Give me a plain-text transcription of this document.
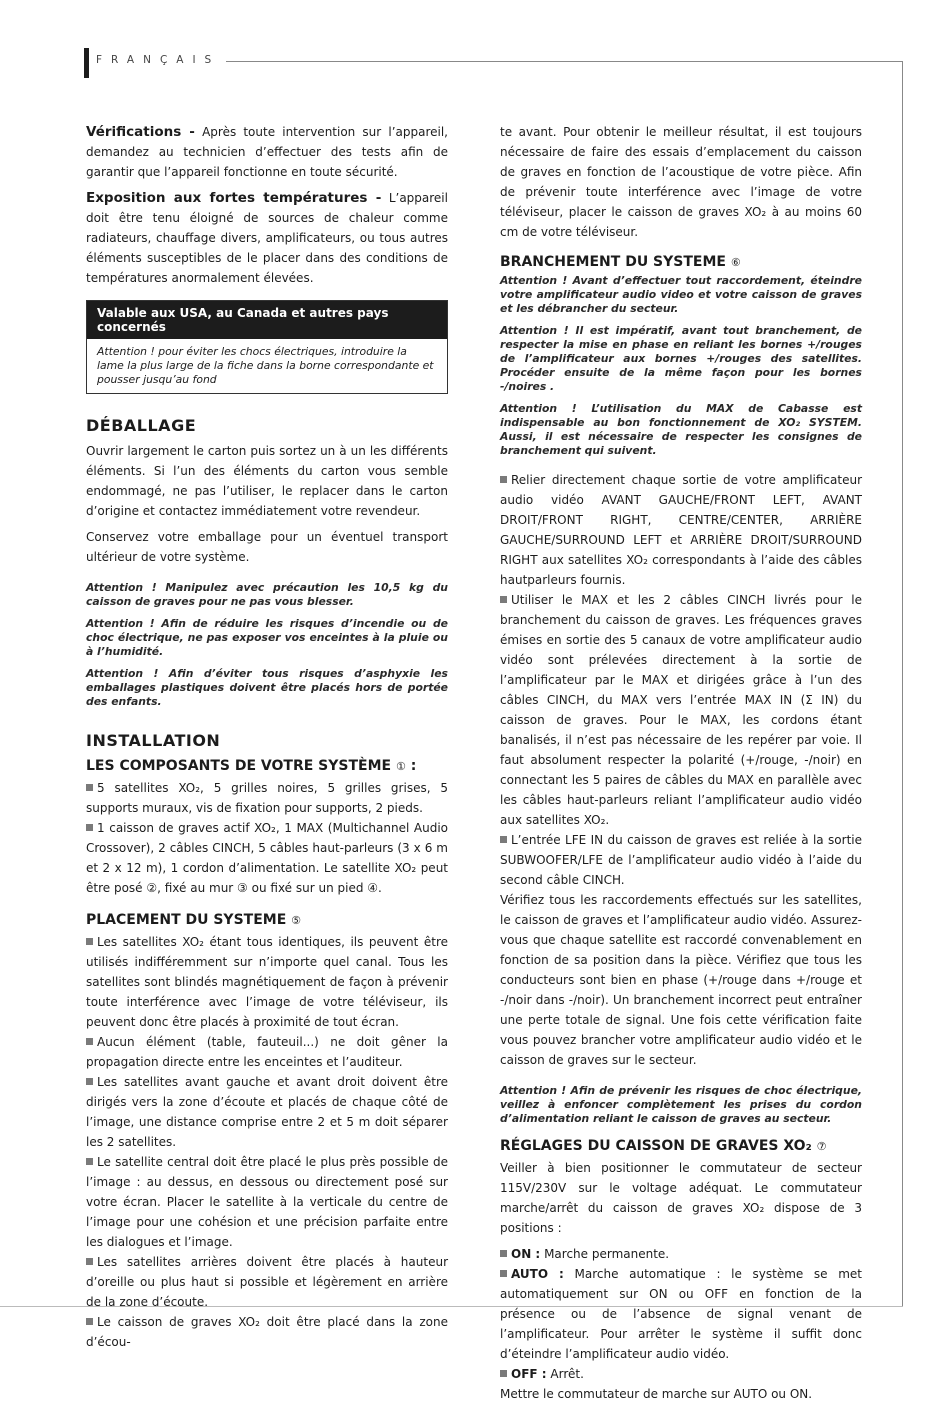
FRANÇAIS

Vérifications - Après toute intervention sur l’appareil, demandez au technicien d’effectuer des tests afin de garantir que l’appareil fonctionne en toute sécurité.

Exposition aux fortes températures - L’appareil doit être tenu éloigné de sources de chaleur comme radiateurs, chauffage divers, amplificateurs, ou tous autres éléments susceptibles de le placer dans des conditions de températures anormalement élevées.

Valable aux USA, au Canada et autres pays concernés
Attention ! pour éviter les chocs électriques, introduire la lame la plus large de la fiche dans la borne correspondante et pousser jusqu’au fond
DÉBALLAGE

Ouvrir largement le carton puis sortez un à un les différents éléments. Si l’un des éléments du carton vous semble endommagé, ne pas l’utiliser, le replacer dans le carton d’origine et contactez immédiatement votre revendeur.

Conservez votre emballage pour un éventuel transport ultérieur de votre système.

Attention ! Manipulez avec précaution les 10,5 kg du caisson de graves pour ne pas vous blesser.
Attention ! Afin de réduire les risques d’incendie ou de choc électrique, ne pas exposer vos enceintes à la pluie ou à l’humidité.
Attention ! Afin d’éviter tous risques d’asphyxie les emballages plastiques doivent être placés hors de portée des enfants.
INSTALLATION
LES COMPOSANTS DE VOTRE SYSTÈME ① :

5 satellites XO₂, 5 grilles noires, 5 grilles grises, 5 supports muraux, vis de fixation pour supports, 2 pieds.

1 caisson de graves actif XO₂, 1 MAX (Multichannel Audio Crossover), 2 câbles CINCH, 5 câbles haut-parleurs (3 x 6 m et 2 x 12 m), 1 cordon d’alimentation. Le satellite XO₂ peut être posé ②, fixé au mur ③ ou fixé sur un pied ④.

PLACEMENT DU SYSTEME ⑤

Les satellites XO₂ étant tous identiques, ils peuvent être utilisés indifféremment sur n’importe quel canal. Tous les satellites sont blindés magnétiquement de façon à prévenir toute interférence avec l’image de votre téléviseur, ils peuvent donc être placés à proximité de tout écran.

Aucun élément (table, fauteuil...) ne doit gêner la propagation directe entre les enceintes et l’auditeur.

Les satellites avant gauche et avant droit doivent être dirigés vers la zone d’écoute et placés de chaque côté de l’image, une distance comprise entre 2 et 5 m doit séparer les 2 satellites.

Le satellite central doit être placé le plus près possible de l’image : au dessus, en dessous ou directement posé sur votre écran. Placer le satellite à la verticale du centre de l’image pour une cohésion et une précision parfaite entre les dialogues et l’image.

Les satellites arrières doivent être placés à hauteur d’oreille ou plus haut si possible et légèrement en arrière de la zone d’écoute.

Le caisson de graves XO₂ doit être placé dans la zone d’écou-

te avant. Pour obtenir le meilleur résultat, il est toujours nécessaire de faire des essais d’emplacement du caisson de graves en fonction de l’acoustique de votre pièce. Afin de prévenir toute interférence avec l’image de votre téléviseur, placer le caisson de graves XO₂ à au moins 60 cm de votre téléviseur.

BRANCHEMENT DU SYSTEME ⑥
Attention ! Avant d’effectuer tout raccordement, éteindre votre amplificateur audio video et votre caisson de graves et les débrancher du secteur.
Attention ! Il est impératif, avant tout branchement, de respecter la mise en phase en reliant les bornes +/rouges de l’amplificateur aux bornes +/rouges des satellites. Procéder ensuite de la même façon pour les bornes -/noires .
Attention ! L’utilisation du MAX de Cabasse est indispensable au bon fonctionnement de XO₂ SYSTEM. Aussi, il est nécessaire de respecter les consignes de branchement qui suivent.

Relier directement chaque sortie de votre amplificateur audio vidéo AVANT GAUCHE/FRONT LEFT, AVANT DROIT/FRONT RIGHT, CENTRE/CENTER, ARRIÈRE GAUCHE/SURROUND LEFT et ARRIÈRE DROIT/SURROUND RIGHT aux satellites XO₂ correspondants à l’aide des câbles hautparleurs fournis.

Utiliser le MAX et les 2 câbles CINCH livrés pour le branchement du caisson de graves. Les fréquences graves émises en sortie des 5 canaux de votre amplificateur audio vidéo sont prélevées directement à la sortie de l’amplificateur par le MAX et dirigées grâce à l’un des câbles CINCH, du MAX vers l’entrée MAX IN (Σ IN) du caisson de graves. Pour le MAX, les cordons étant banalisés, il n’est pas nécessaire de les repérer par voie. Il faut absolument respecter la polarité (+/rouge, -/noir) en connectant les 5 paires de câbles du MAX en parallèle avec les câbles haut-parleurs reliant l’amplificateur audio vidéo aux satellites XO₂.

L’entrée LFE IN du caisson de graves est reliée à la sortie SUBWOOFER/LFE de l’amplificateur audio vidéo à l’aide du second câble CINCH.

Vérifiez tous les raccordements effectués sur les satellites, le caisson de graves et l’amplificateur audio vidéo. Assurez-vous que chaque satellite est raccordé convenablement en fonction de sa position dans la pièce. Vérifiez que tous les conducteurs sont bien en phase (+/rouge dans +/rouge et -/noir dans -/noir). Un branchement incorrect peut entraîner une perte totale de signal. Une fois cette vérification faite vous pouvez brancher votre amplificateur audio vidéo et le caisson de graves sur le secteur.

Attention ! Afin de prévenir les risques de choc électrique, veillez à enfoncer complètement les prises du cordon d’alimentation reliant le caisson de graves au secteur.
RÉGLAGES DU CAISSON DE GRAVES XO₂ ⑦

Veiller à bien positionner le commutateur de secteur 115V/230V sur le voltage adéquat. Le commutateur marche/arrêt du caisson de graves XO₂ dispose de 3 positions :

ON : Marche permanente.

AUTO : Marche automatique : le système se met automatiquement sur ON ou OFF en fonction de la présence ou de l’absence de signal venant de l’amplificateur. Pour arrêter le système il suffit donc d’éteindre l’amplificateur audio vidéo.

OFF : Arrêt.

Mettre le commutateur de marche sur AUTO ou ON.
